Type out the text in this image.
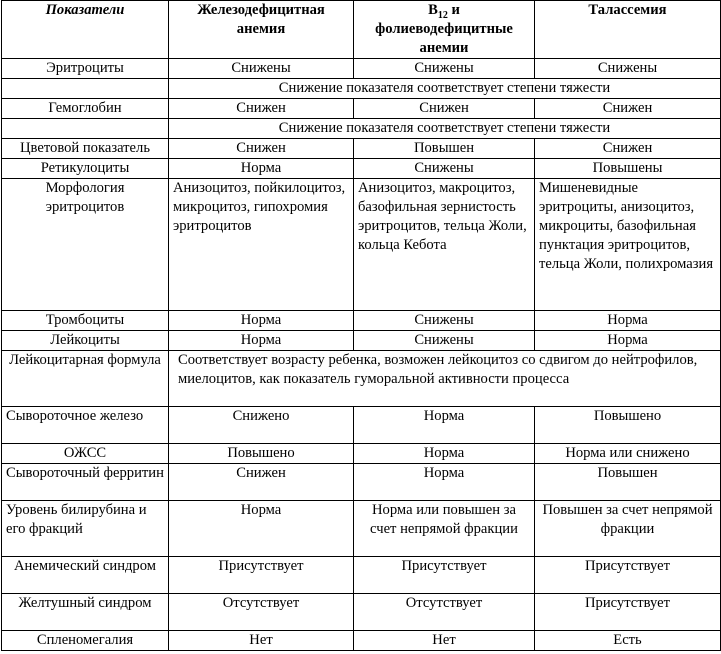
Показатели	Железодефицитная анемия	$B_{12}$ и фолиеводефицитные анемии	Талассемия
Эритроциты	Снижены	Снижены	Снижены
	Снижение показателя соответствует степени тяжести		
Гемоглобин	Снижен	Снижен	Снижен
	Снижение показателя соответствует степени тяжести		
Цветовой показатель	Снижен	Повышен	Снижен
Ретикулоциты	Норма	Снижены	Повышены
Морфология эритроцитов	Анизоцитоз, пойкилоцитоз, микроцитоз, гипохромия эритроцитов	Анизоцитоз, макроцитоз, базофильная зернистость эритроцитов, тельца Жоли, кольца Кебота	Мишеневидные эритроциты, анизоцитоз, микроциты, базофильная пунктация эритроцитов, тельца Жоли, полихромазия
Тромбоциты	Норма	Снижены	Норма
Лейкоциты	Норма	Снижены	Норма
Лейкоцитарная формула	Соответствует возрасту ребенка, возможен лейкоцитоз со сдвигом до нейтрофилов, миелоцитов, как показатель гуморальной активности процесса		
Сывороточное железо	Снижено	Норма	Повышено
ОЖСС	Повышено	Норма	Норма или снижено
Сывороточный ферритин	Снижен	Норма	Повышен
Уровень билирубина и его фракций	Норма	Норма или повышен за счет непрямой фракции	Повышен за счет непрямой фракции
Анемический синдром	Присутствует	Присутствует	Присутствует
Желтушный синдром	Отсутствует	Отсутствует	Присутствует
Спленомегалия	Нет	Нет	Есть
